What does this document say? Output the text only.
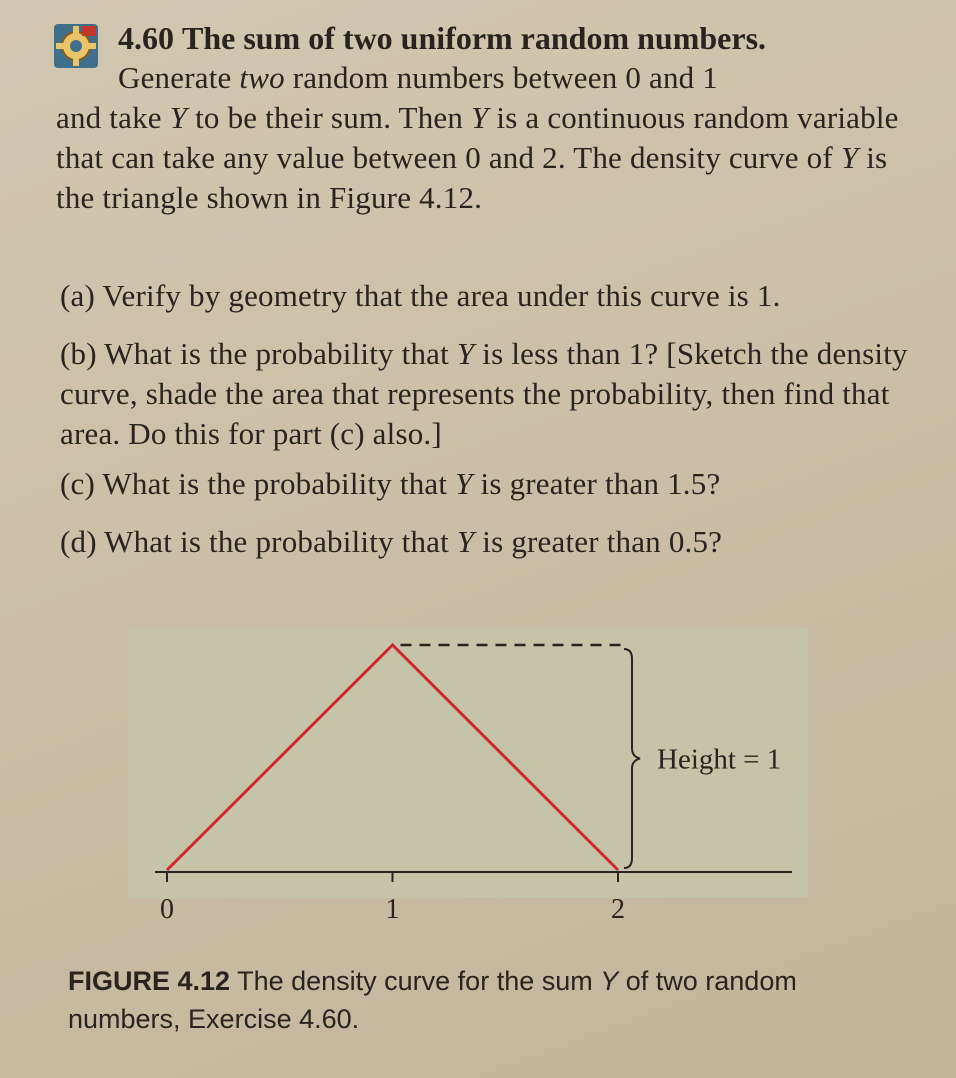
4.60 The sum of two uniform random numbers.
Generate two random numbers between 0 and 1
and take Y to be their sum. Then Y is a continuous random variable that can take any value between 0 and 2. The density curve of Y is the triangle shown in Figure 4.12.
(a) Verify by geometry that the area under this curve is 1.
(b) What is the probability that Y is less than 1? [Sketch the density curve, shade the area that represents the probability, then find that area. Do this for part (c) also.]
(c) What is the probability that Y is greater than 1.5?
(d) What is the probability that Y is greater than 0.5?
Height = 1
0	1	2
FIGURE 4.12 The density curve for the sum Y of two random numbers, Exercise 4.60.
